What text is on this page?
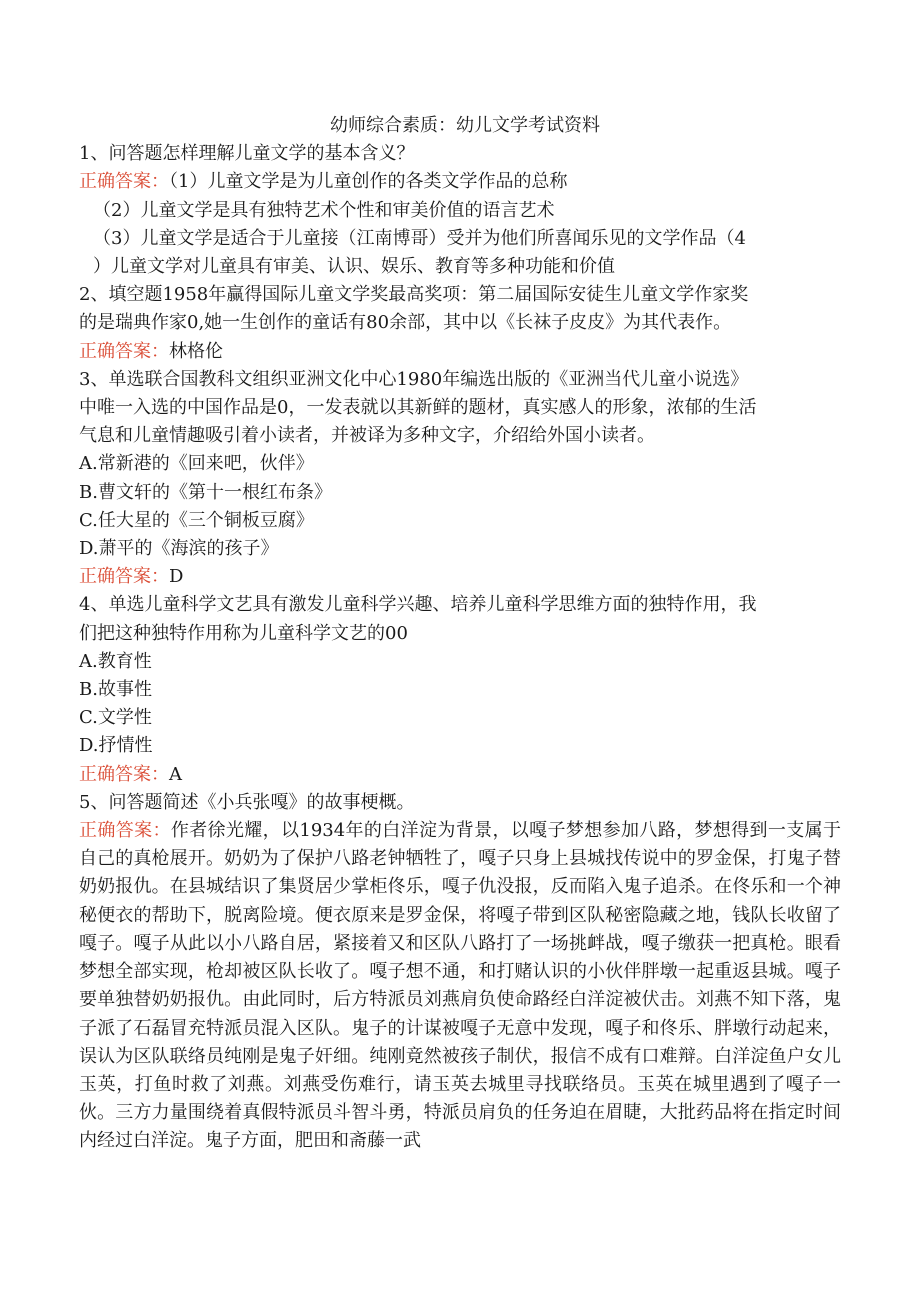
幼师综合素质：幼儿文学考试资料

1、问答题怎样理解儿童文学的基本含义？

正确答案：（1）儿童文学是为儿童创作的各类文学作品的总称

（2）儿童文学是具有独特艺术个性和审美价值的语言艺术

（3）儿童文学是适合于儿童接（江南博哥）受并为他们所喜闻乐见的文学作品（4

）儿童文学对儿童具有审美、认识、娱乐、教育等多种功能和价值

2、填空题1958年赢得国际儿童文学奖最高奖项：第二届国际安徒生儿童文学作家奖

的是瑞典作家0,她一生创作的童话有80余部，其中以《长袜子皮皮》为其代表作。

正确答案：林格伦

3、单选联合国教科文组织亚洲文化中心1980年编选出版的《亚洲当代儿童小说选》

中唯一入选的中国作品是0，一发表就以其新鲜的题材，真实感人的形象，浓郁的生活

气息和儿童情趣吸引着小读者，并被译为多种文字，介绍给外国小读者。

A.常新港的《回来吧，伙伴》

B.曹文轩的《第十一根红布条》

C.任大星的《三个铜板豆腐》

D.萧平的《海滨的孩子》

正确答案：D

4、单选儿童科学文艺具有激发儿童科学兴趣、培养儿童科学思维方面的独特作用，我

们把这种独特作用称为儿童科学文艺的00

A.教育性

B.故事性

C.文学性

D.抒情性

正确答案：A

5、问答题简述《小兵张嘎》的故事梗概。

正确答案：作者徐光耀，以1934年的白洋淀为背景，以嘎子梦想参加八路，梦想得到一支属于自己的真枪展开。奶奶为了保护八路老钟牺牲了，嘎子只身上县城找传说中的罗金保，打鬼子替奶奶报仇。在县城结识了集贤居少掌柜佟乐，嘎子仇没报，反而陷入鬼子追杀。在佟乐和一个神秘便衣的帮助下，脱离险境。便衣原来是罗金保，将嘎子带到区队秘密隐藏之地，钱队长收留了嘎子。嘎子从此以小八路自居，紧接着又和区队八路打了一场挑衅战，嘎子缴获一把真枪。眼看梦想全部实现，枪却被区队长收了。嘎子想不通，和打赌认识的小伙伴胖墩一起重返县城。嘎子要单独替奶奶报仇。由此同时，后方特派员刘燕肩负使命路经白洋淀被伏击。刘燕不知下落，鬼子派了石磊冒充特派员混入区队。鬼子的计谋被嘎子无意中发现，嘎子和佟乐、胖墩行动起来，误认为区队联络员纯刚是鬼子奸细。纯刚竟然被孩子制伏，报信不成有口难辩。白洋淀鱼户女儿玉英，打鱼时救了刘燕。刘燕受伤难行，请玉英去城里寻找联络员。玉英在城里遇到了嘎子一伙。三方力量围绕着真假特派员斗智斗勇，特派员肩负的任务迫在眉睫，大批药品将在指定时间内经过白洋淀。鬼子方面，肥田和斋藤一武
